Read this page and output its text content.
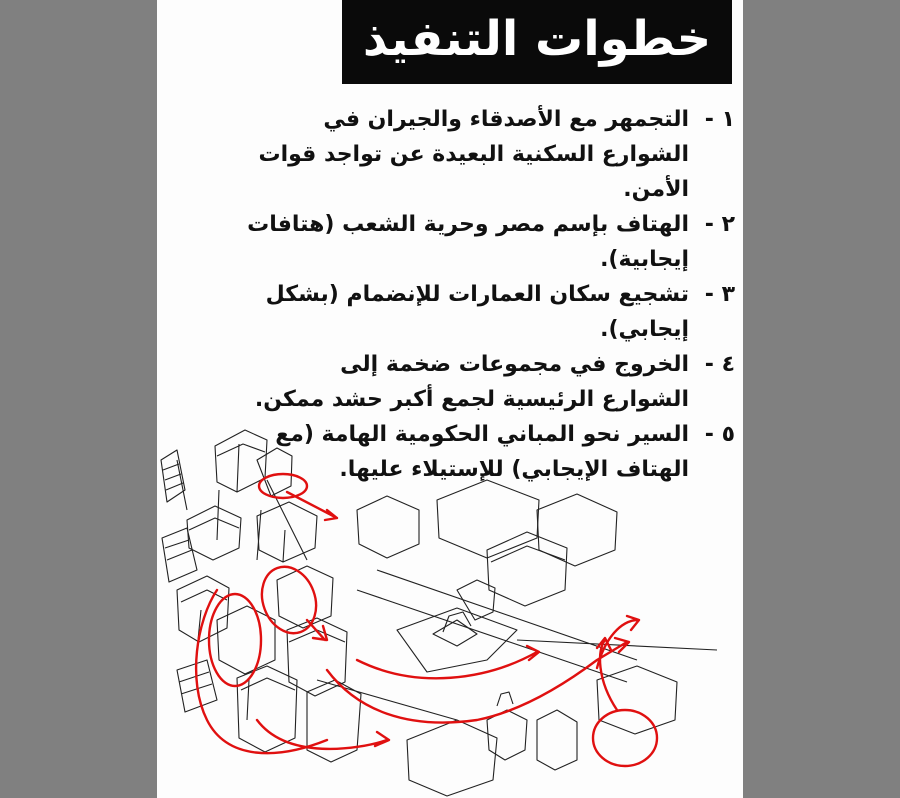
خطوات التنفيذ
١ -
التجمهر مع الأصدقاء والجيران في الشوارع السكنية البعيدة عن تواجد قوات الأمن.
٢ -
الهتاف بإسم مصر وحرية الشعب (هتافات إيجابية).
٣ -
تشجيع سكان العمارات للإنضمام (بشكل إيجابي).
٤ -
الخروج في مجموعات ضخمة إلى الشوارع الرئيسية لجمع أكبر حشد ممكن.
٥ -
السير نحو المباني الحكومية الهامة (مع الهتاف الإيجابي) للإستيلاء عليها.
